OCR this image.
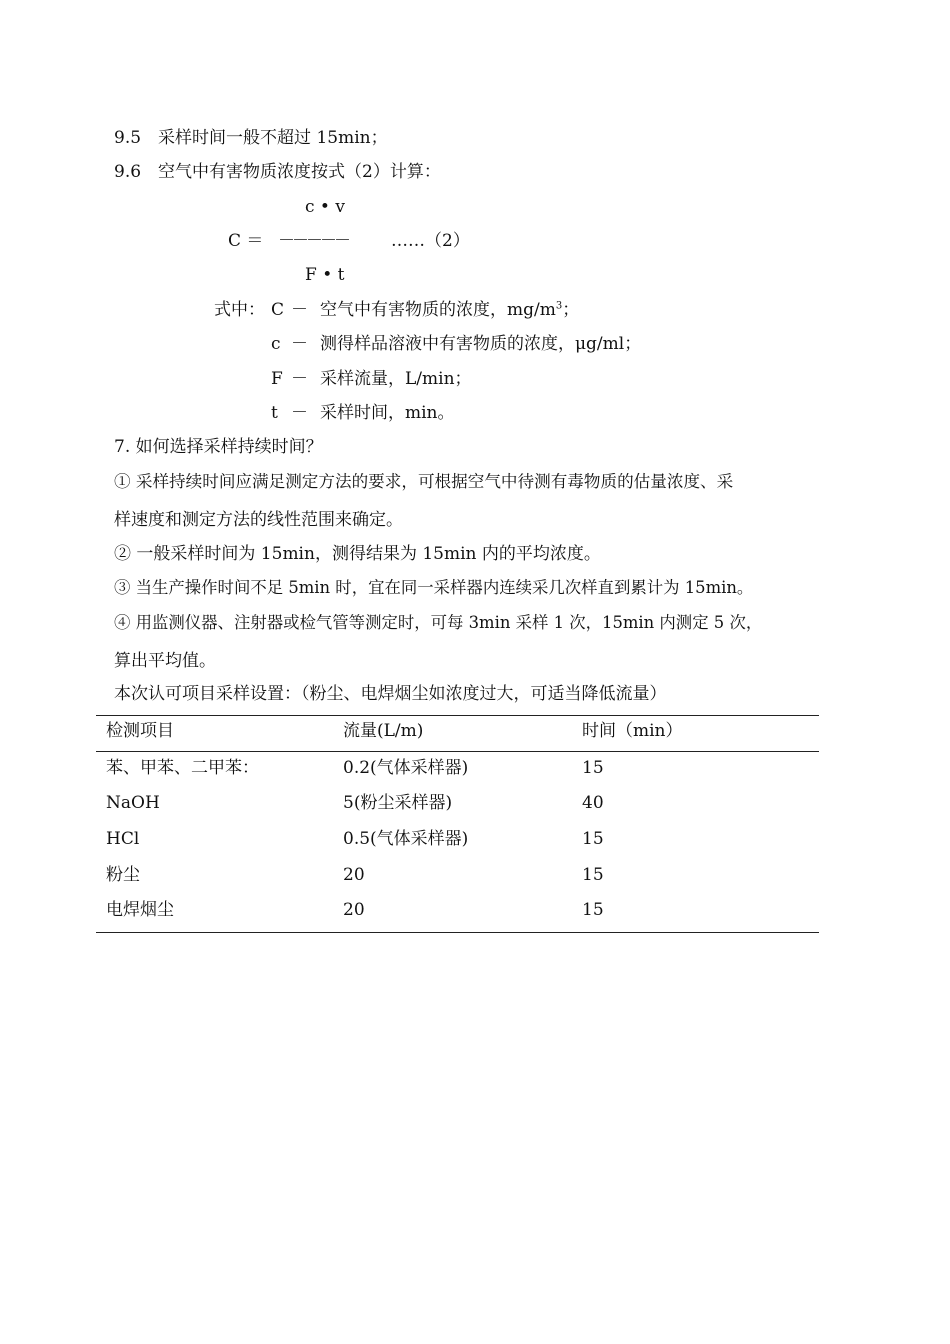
9.5　采样时间一般不超过 15min；
9.6　空气中有害物质浓度按式（2）计算：
c • v
C ＝ －－－－－	……（2）
F • t
式中： C － 空气中有害物质的浓度，$mg/m^3$；
c － 测得样品溶液中有害物质的浓度，μg/ml；
F － 采样流量，L/min；
t － 采样时间，min。
7. 如何选择采样持续时间？
① 采样持续时间应满足测定方法的要求，可根据空气中待测有毒物质的估量浓度、采
样速度和测定方法的线性范围来确定。
② 一般采样时间为 15min，测得结果为 15min 内的平均浓度。
③ 当生产操作时间不足 5min 时，宜在同一采样器内连续采几次样直到累计为 15min。
④ 用监测仪器、注射器或检气管等测定时，可每 3min 采样 1 次，15min 内测定 5 次，
算出平均值。
本次认可项目采样设置：（粉尘、电焊烟尘如浓度过大，可适当降低流量）
检测项目	流量(L/m)	时间（min）
苯、甲苯、二甲苯：	0.2(气体采样器)	15
NaOH	5(粉尘采样器)	40
HCl	0.5(气体采样器)	15
粉尘	20	15
电焊烟尘	20	15
